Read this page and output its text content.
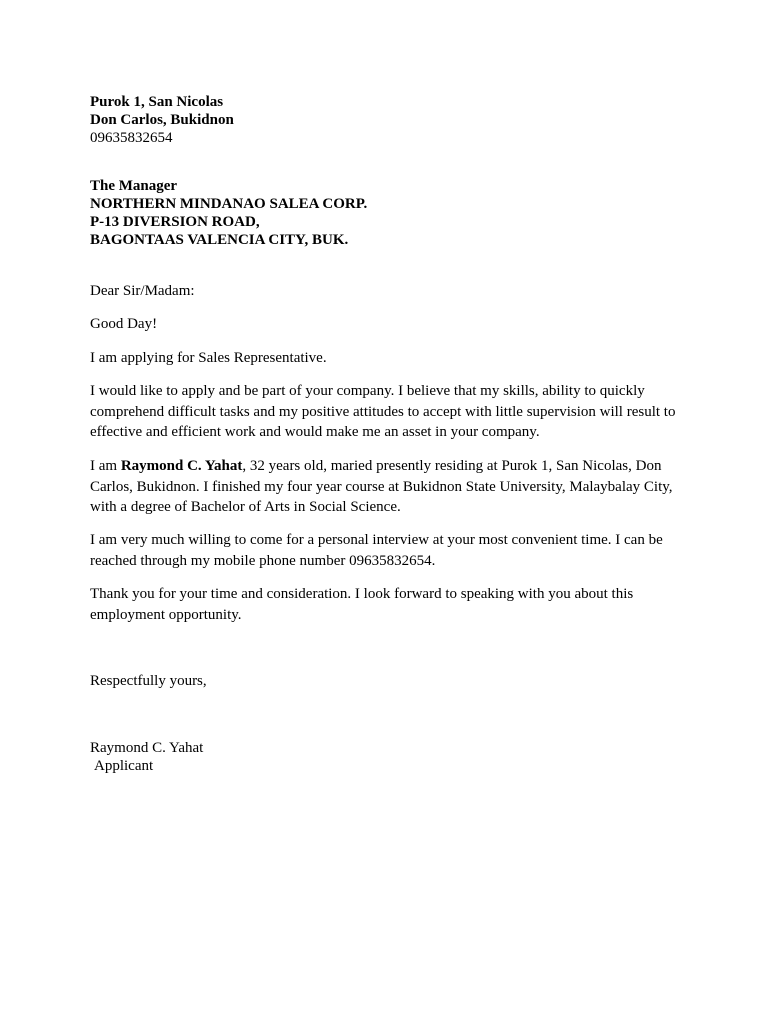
Purok 1, San Nicolas
Don Carlos, Bukidnon
09635832654
The Manager
NORTHERN MINDANAO SALEA CORP.
P-13 DIVERSION ROAD,
BAGONTAAS VALENCIA CITY, BUK.

Dear Sir/Madam:

Good Day!

I am applying for Sales Representative.

I would like to apply and be part of your company. I believe that my skills, ability to quickly comprehend difficult tasks and my positive attitudes to accept with little supervision will result to effective and efficient work and would make me an asset in your company.

I am Raymond C. Yahat, 32 years old, maried presently residing at Purok 1, San Nicolas, Don Carlos, Bukidnon. I finished my four year course at Bukidnon State University, Malaybalay City, with a degree of Bachelor of Arts in Social Science.

I am very much willing to come for a personal interview at your most convenient time. I can be reached through my mobile phone number 09635832654.

Thank you for your time and consideration. I look forward to speaking with you about this employment opportunity.

Respectfully yours,

Raymond C. Yahat
Applicant
